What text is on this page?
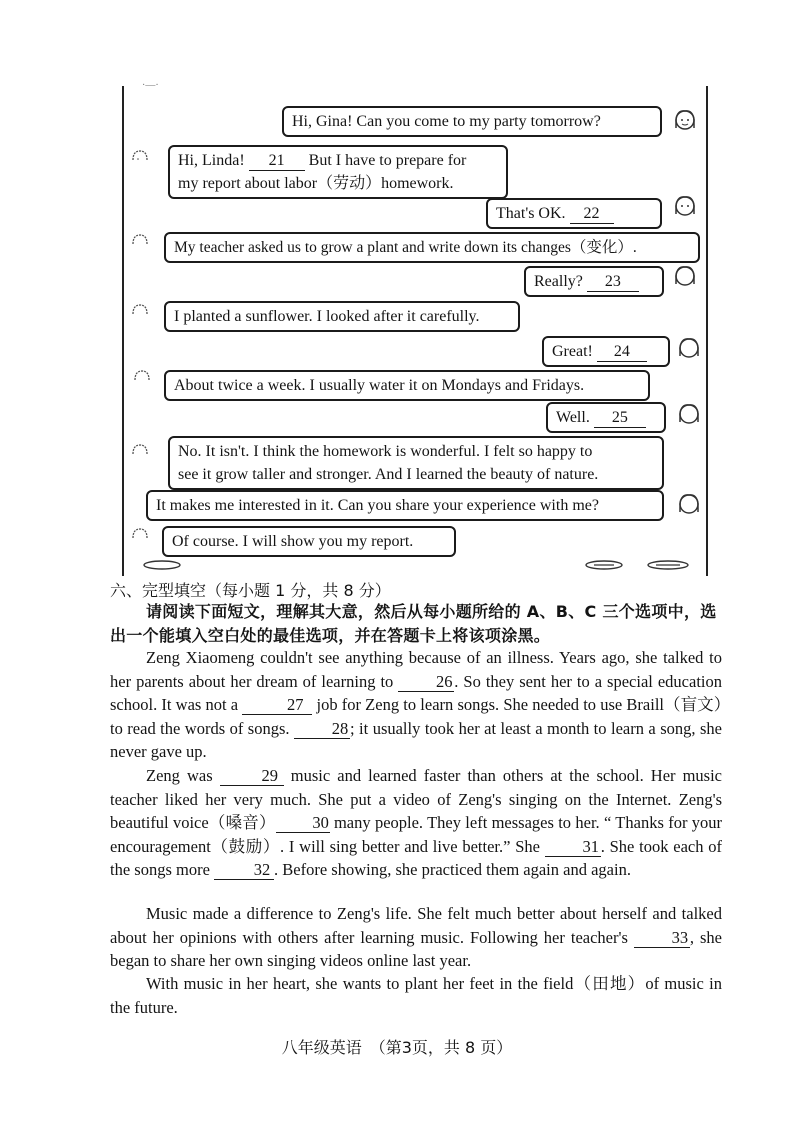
·—·
Hi, Gina! Can you come to my party tomorrow?
Hi, Linda! 21 But I have to prepare for
my report about labor（劳动）homework.
That's OK. 22
My teacher asked us to grow a plant and write down its changes（变化）.
Really? 23
I planted a sunflower. I looked after it carefully.
Great! 24
About twice a week. I usually water it on Mondays and Fridays.
Well. 25
No. It isn't. I think the homework is wonderful. I felt so happy to
see it grow taller and stronger. And I learned the beauty of nature.
It makes me interested in it. Can you share your experience with me?
Of course. I will show you my report.
六、完型填空（每小题 1 分，共 8 分）
请阅读下面短文，理解其大意，然后从每小题所给的 A、B、C 三个选项中，选出一个能填入空白处的最佳选项，并在答题卡上将该项涂黑。
Zeng Xiaomeng couldn't see anything because of an illness. Years ago, she talked to her parents about her dream of learning to 26 . So they sent her to a special education school. It was not a	27 job for Zeng to learn songs. She needed to use Braill（盲文）to read the words of songs. 28 ; it usually took her at least a month to learn a song, she never gave up.
Zeng was	29 music and learned faster than others at the school. Her music teacher liked her very much. She put a video of Zeng's singing on the Internet. Zeng's beautiful voice（嗓音） 30 many people. They left messages to her. “ Thanks for your encouragement（鼓励）. I will sing better and live better.” She 31 . She took each of the songs more 32 . Before showing, she practiced them again and again.
Music made a difference to Zeng's life. She felt much better about herself and talked about her opinions with others after learning music. Following her teacher's 33 , she began to share her own singing videos online last year.
With music in her heart, she wants to plant her feet in the field（田地）of music in the future.
八年级英语　（第3页，共 8 页）
